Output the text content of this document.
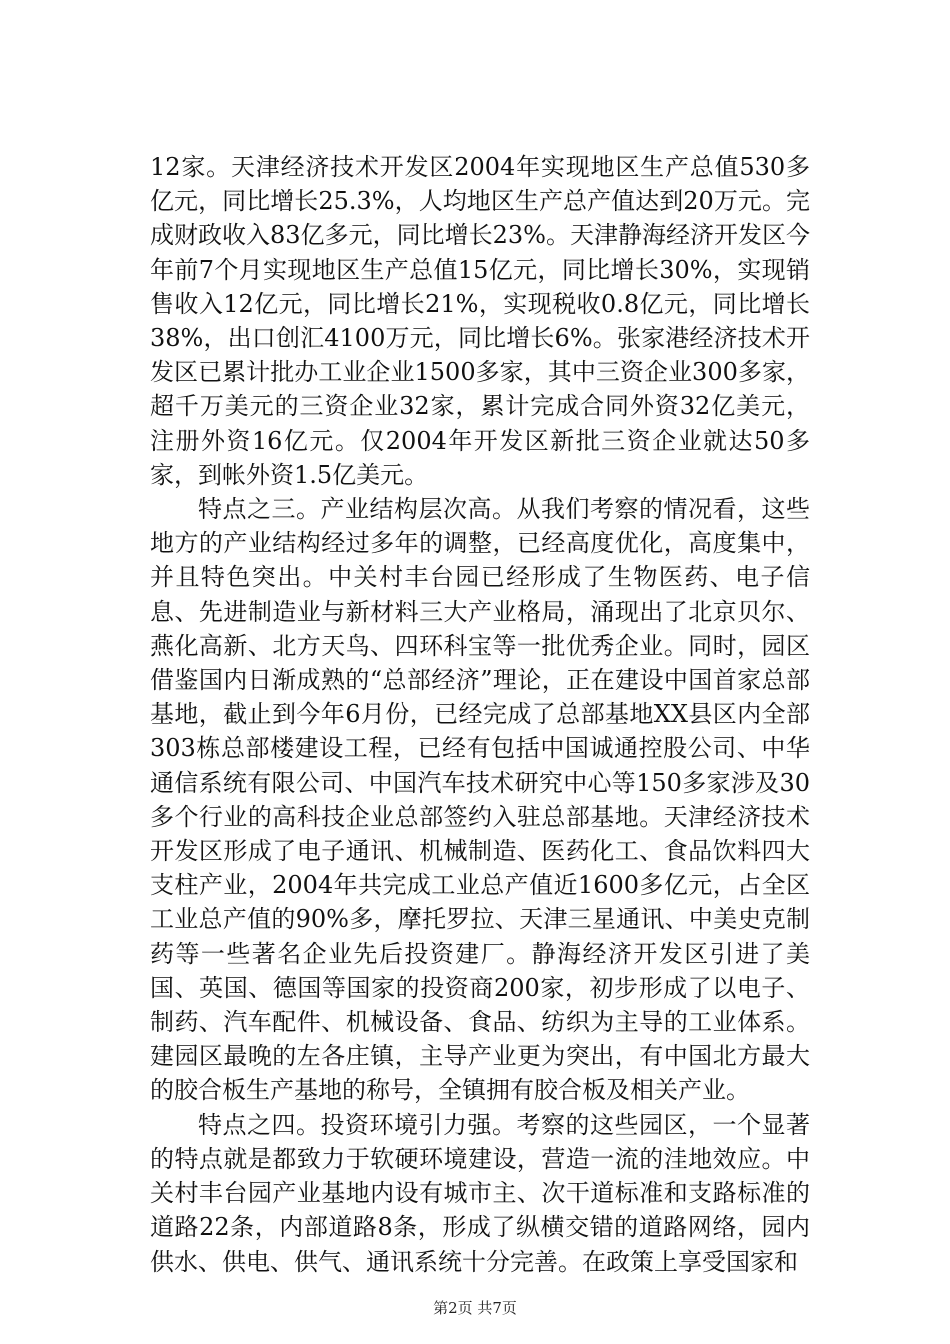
12家。天津经济技术开发区2004年实现地区生产总值530多亿元，同比增长25.3%，人均地区生产总产值达到20万元。完成财政收入83亿多元，同比增长23%。天津静海经济开发区今年前7个月实现地区生产总值15亿元，同比增长30%，实现销售收入12亿元，同比增长21%，实现税收0.8亿元，同比增长38%，出口创汇4100万元，同比增长6%。张家港经济技术开发区已累计批办工业企业1500多家，其中三资企业300多家，超千万美元的三资企业32家，累计完成合同外资32亿美元，注册外资16亿元。仅2004年开发区新批三资企业就达50多家，到帐外资1.5亿美元。

特点之三。产业结构层次高。从我们考察的情况看，这些地方的产业结构经过多年的调整，已经高度优化，高度集中，并且特色突出。中关村丰台园已经形成了生物医药、电子信息、先进制造业与新材料三大产业格局，涌现出了北京贝尔、燕化高新、北方天鸟、四环科宝等一批优秀企业。同时，园区借鉴国内日渐成熟的“总部经济”理论，正在建设中国首家总部基地，截止到今年6月份，已经完成了总部基地XX县区内全部303栋总部楼建设工程，已经有包括中国诚通控股公司、中华通信系统有限公司、中国汽车技术研究中心等150多家涉及30多个行业的高科技企业总部签约入驻总部基地。天津经济技术开发区形成了电子通讯、机械制造、医药化工、食品饮料四大支柱产业，2004年共完成工业总产值近1600多亿元，占全区工业总产值的90%多，摩托罗拉、天津三星通讯、中美史克制药等一些著名企业先后投资建厂。静海经济开发区引进了美国、英国、德国等国家的投资商200家，初步形成了以电子、制药、汽车配件、机械设备、食品、纺织为主导的工业体系。建园区最晚的左各庄镇，主导产业更为突出，有中国北方最大的胶合板生产基地的称号，全镇拥有胶合板及相关产业。

特点之四。投资环境引力强。考察的这些园区，一个显著的特点就是都致力于软硬环境建设，营造一流的洼地效应。中关村丰台园产业基地内设有城市主、次干道标准和支路标准的道路22条，内部道路8条，形成了纵横交错的道路网络，园内供水、供电、供气、通讯系统十分完善。在政策上享受国家和

第2页 共7页
